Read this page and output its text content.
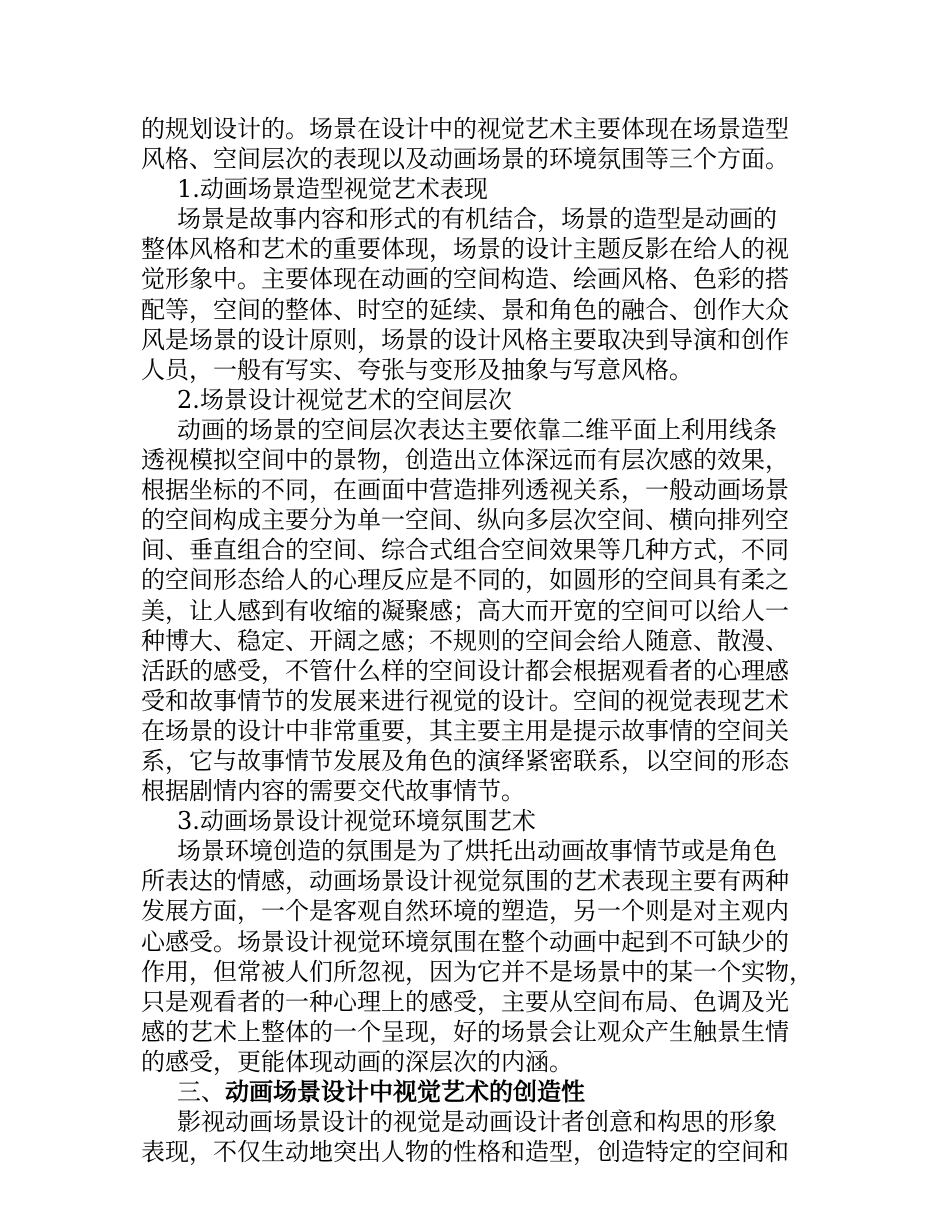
的规划设计的。场景在设计中的视觉艺术主要体现在场景造型
风格、空间层次的表现以及动画场景的环境氛围等三个方面。
1.动画场景造型视觉艺术表现
场景是故事内容和形式的有机结合，场景的造型是动画的
整体风格和艺术的重要体现，场景的设计主题反影在给人的视
觉形象中。主要体现在动画的空间构造、绘画风格、色彩的搭
配等，空间的整体、时空的延续、景和角色的融合、创作大众
风是场景的设计原则，场景的设计风格主要取决到导演和创作
人员，一般有写实、夸张与变形及抽象与写意风格。
2.场景设计视觉艺术的空间层次
动画的场景的空间层次表达主要依靠二维平面上利用线条
透视模拟空间中的景物，创造出立体深远而有层次感的效果，
根据坐标的不同，在画面中营造排列透视关系，一般动画场景
的空间构成主要分为单一空间、纵向多层次空间、横向排列空
间、垂直组合的空间、综合式组合空间效果等几种方式，不同
的空间形态给人的心理反应是不同的，如圆形的空间具有柔之
美，让人感到有收缩的凝聚感；高大而开宽的空间可以给人一
种博大、稳定、开阔之感；不规则的空间会给人随意、散漫、
活跃的感受，不管什么样的空间设计都会根据观看者的心理感
受和故事情节的发展来进行视觉的设计。空间的视觉表现艺术
在场景的设计中非常重要，其主要主用是提示故事情的空间关
系，它与故事情节发展及角色的演绎紧密联系，以空间的形态
根据剧情内容的需要交代故事情节。
3.动画场景设计视觉环境氛围艺术
场景环境创造的氛围是为了烘托出动画故事情节或是角色
所表达的情感，动画场景设计视觉氛围的艺术表现主要有两种
发展方面，一个是客观自然环境的塑造，另一个则是对主观内
心感受。场景设计视觉环境氛围在整个动画中起到不可缺少的
作用，但常被人们所忽视，因为它并不是场景中的某一个实物，
只是观看者的一种心理上的感受，主要从空间布局、色调及光
感的艺术上整体的一个呈现，好的场景会让观众产生触景生情
的感受，更能体现动画的深层次的内涵。
三、动画场景设计中视觉艺术的创造性
影视动画场景设计的视觉是动画设计者创意和构思的形象
表现，不仅生动地突出人物的性格和造型，创造特定的空间和
